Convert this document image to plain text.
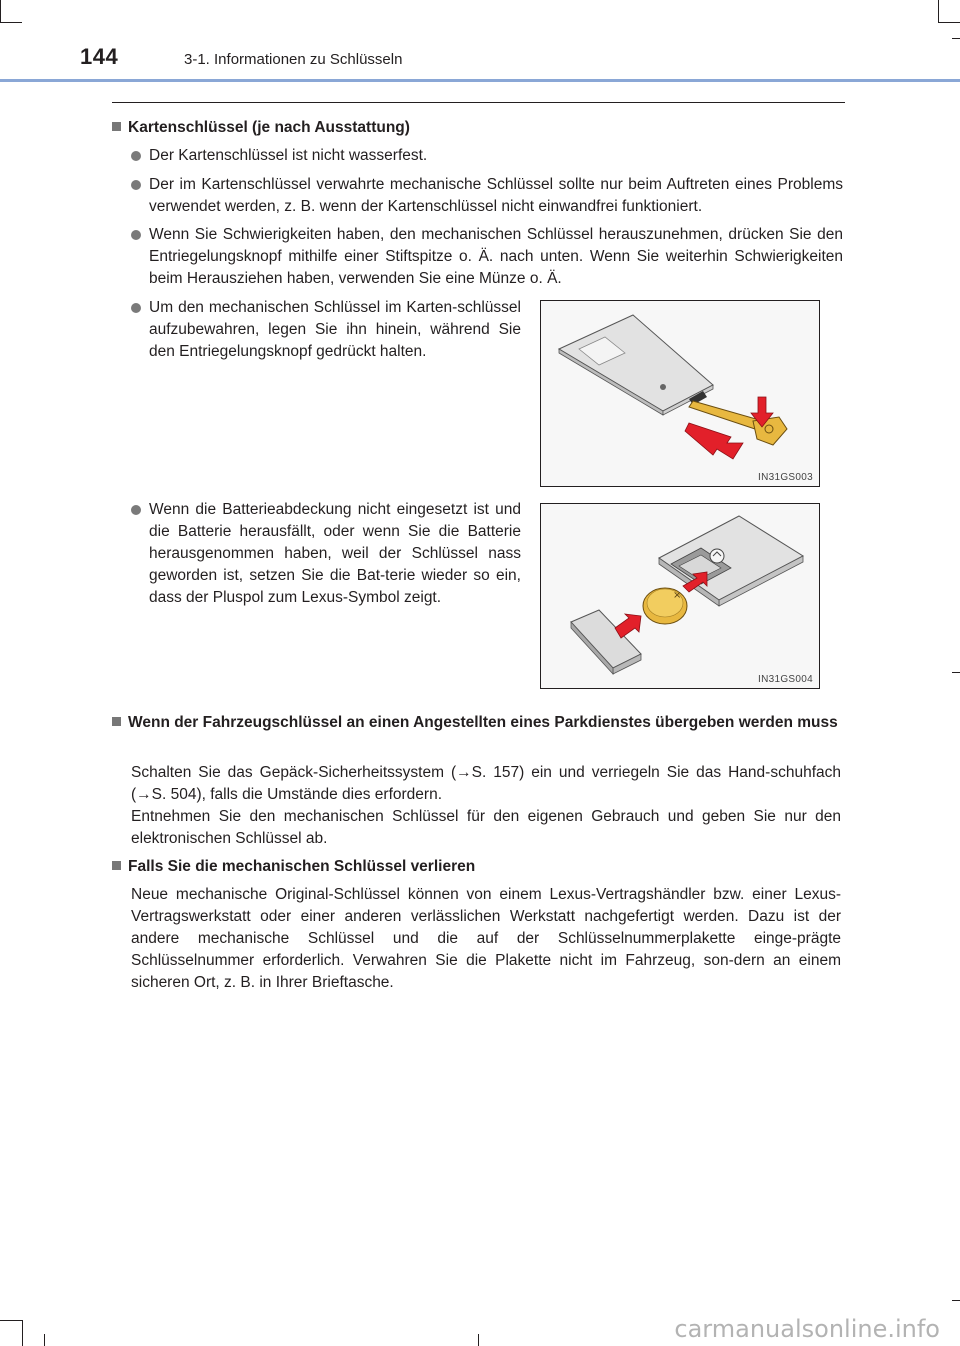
144	3-1. Informationen zu Schlüsseln
Kartenschlüssel (je nach Ausstattung)
Der Kartenschlüssel ist nicht wasserfest.
Der im Kartenschlüssel verwahrte mechanische Schlüssel sollte nur beim Auftreten eines Problems verwendet werden, z. B. wenn der Kartenschlüssel nicht einwandfrei funktioniert.
Wenn Sie Schwierigkeiten haben, den mechanischen Schlüssel herauszunehmen, drücken Sie den Entriegelungsknopf mithilfe einer Stiftspitze o. Ä. nach unten. Wenn Sie weiterhin Schwierigkeiten beim Herausziehen haben, verwenden Sie eine Münze o. Ä.
Um den mechanischen Schlüssel im Karten-schlüssel aufzubewahren, legen Sie ihn hinein, während Sie den Entriegelungsknopf gedrückt halten.
Wenn die Batterieabdeckung nicht eingesetzt ist und die Batterie herausfällt, oder wenn Sie die Batterie herausgenommen haben, weil der Schlüssel nass geworden ist, setzen Sie die Bat-terie wieder so ein, dass der Pluspol zum Lexus-Symbol zeigt.
IN31GS003
×
IN31GS004
Wenn der Fahrzeugschlüssel an einen Angestellten eines Parkdienstes übergeben werden muss
Schalten Sie das Gepäck-Sicherheitssystem (→S. 157) ein und verriegeln Sie das Hand-schuhfach (→S. 504), falls die Umstände dies erfordern.
Entnehmen Sie den mechanischen Schlüssel für den eigenen Gebrauch und geben Sie nur den elektronischen Schlüssel ab.
Falls Sie die mechanischen Schlüssel verlieren
Neue mechanische Original-Schlüssel können von einem Lexus-Vertragshändler bzw. einer Lexus-Vertragswerkstatt oder einer anderen verlässlichen Werkstatt nachgefertigt werden. Dazu ist der andere mechanische Schlüssel und die auf der Schlüsselnummerplakette einge-prägte Schlüsselnummer erforderlich. Verwahren Sie die Plakette nicht im Fahrzeug, son-dern an einem sicheren Ort, z. B. in Ihrer Brieftasche.
carmanualsonline.info
